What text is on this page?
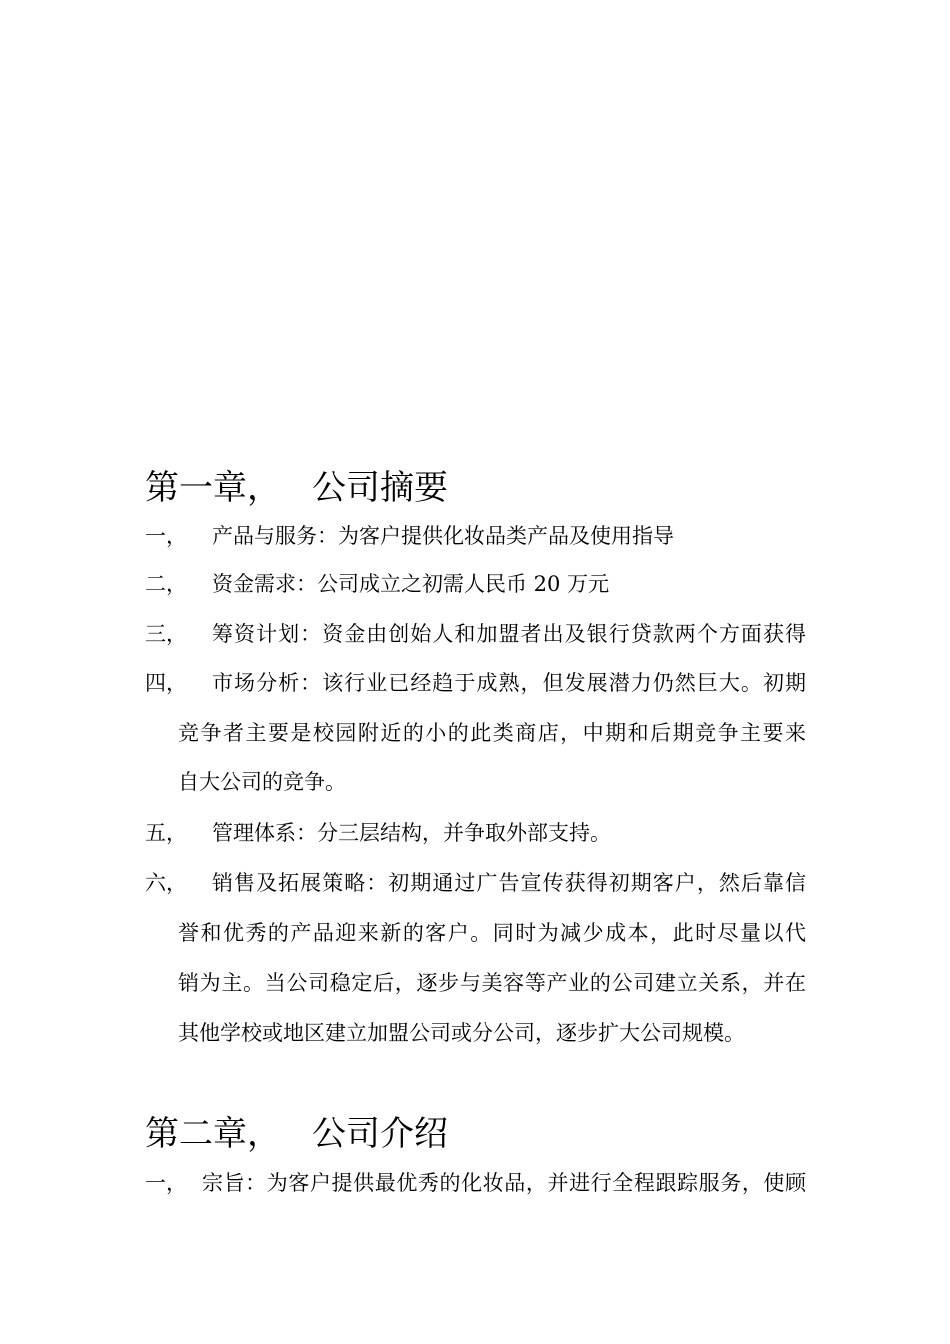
第一章， 公司摘要
一， 产品与服务：为客户提供化妆品类产品及使用指导
二， 资金需求：公司成立之初需人民币 20 万元
三， 筹资计划：资金由创始人和加盟者出及银行贷款两个方面获得
四， 市场分析：该行业已经趋于成熟，但发展潜力仍然巨大。初期
竞争者主要是校园附近的小的此类商店，中期和后期竞争主要来
自大公司的竞争。
五， 管理体系：分三层结构，并争取外部支持。
六， 销售及拓展策略：初期通过广告宣传获得初期客户，然后靠信
誉和优秀的产品迎来新的客户。同时为减少成本，此时尽量以代
销为主。当公司稳定后，逐步与美容等产业的公司建立关系，并在
其他学校或地区建立加盟公司或分公司，逐步扩大公司规模。
第二章， 公司介绍
一， 宗旨：为客户提供最优秀的化妆品，并进行全程跟踪服务，使顾
